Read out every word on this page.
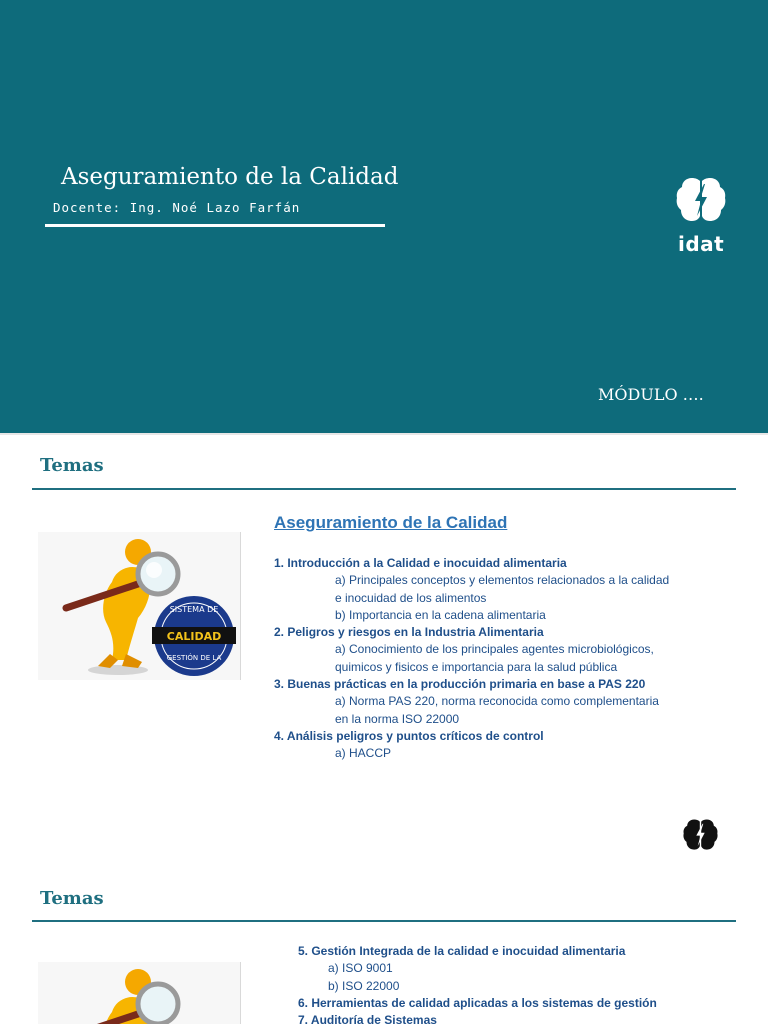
Aseguramiento de la Calidad
Docente: Ing. Noé Lazo Farfán
idat
MÓDULO ….
Temas
SISTEMA DE
CALIDAD
GESTIÓN DE LA
Aseguramiento de la Calidad
1. Introducción a la Calidad e inocuidad alimentaria
a) Principales conceptos y elementos relacionados a la calidad
e inocuidad de los alimentos
b) Importancia en la cadena alimentaria
2. Peligros y riesgos en la Industria Alimentaria
a) Conocimiento de los principales agentes microbiológicos,
quimicos y fisicos e importancia para la salud pública
3. Buenas prácticas en la producción primaria en base a PAS 220
a) Norma PAS 220, norma reconocida como complementaria
en la norma ISO 22000
4. Análisis peligros y puntos críticos de control
a) HACCP
Temas
5. Gestión Integrada de la calidad e inocuidad alimentaria
a) ISO 9001
b) ISO 22000
6. Herramientas de calidad aplicadas a los sistemas de gestión
7. Auditoría de Sistemas
